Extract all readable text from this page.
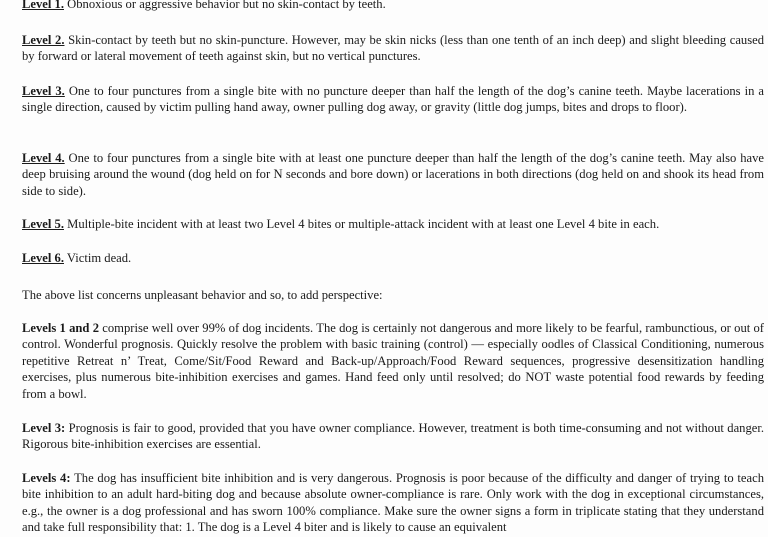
Level 1. Obnoxious or aggressive behavior but no skin-contact by teeth.

Level 2. Skin-contact by teeth but no skin-puncture. However, may be skin nicks (less than one tenth of an inch deep) and slight bleeding caused by forward or lateral movement of teeth against skin, but no vertical punctures.

Level 3. One to four punctures from a single bite with no puncture deeper than half the length of the dog’s canine teeth. Maybe lacerations in a single direction, caused by victim pulling hand away, owner pulling dog away, or gravity (little dog jumps, bites and drops to floor).

Level 4. One to four punctures from a single bite with at least one puncture deeper than half the length of the dog’s canine teeth. May also have deep bruising around the wound (dog held on for N seconds and bore down) or lacerations in both directions (dog held on and shook its head from side to side).

Level 5. Multiple-bite incident with at least two Level 4 bites or multiple-attack incident with at least one Level 4 bite in each.

Level 6. Victim dead.

The above list concerns unpleasant behavior and so, to add perspective:

Levels 1 and 2 comprise well over 99% of dog incidents. The dog is certainly not dangerous and more likely to be fearful, rambunctious, or out of control. Wonderful prognosis. Quickly resolve the problem with basic training (control) — especially oodles of Classical Conditioning, numerous repetitive Retreat n’ Treat, Come/Sit/Food Reward and Back-up/Approach/Food Reward sequences, progressive desensitization handling exercises, plus numerous bite-inhibition exercises and games. Hand feed only until resolved; do NOT waste potential food rewards by feeding from a bowl.

Level 3: Prognosis is fair to good, provided that you have owner compliance. However, treatment is both time-consuming and not without danger. Rigorous bite-inhibition exercises are essential.

Levels 4: The dog has insufficient bite inhibition and is very dangerous. Prognosis is poor because of the difficulty and danger of trying to teach bite inhibition to an adult hard-biting dog and because absolute owner-compliance is rare. Only work with the dog in exceptional circumstances, e.g., the owner is a dog professional and has sworn 100% compliance. Make sure the owner signs a form in triplicate stating that they understand and take full responsibility that: 1. The dog is a Level 4 biter and is likely to cause an equivalent
